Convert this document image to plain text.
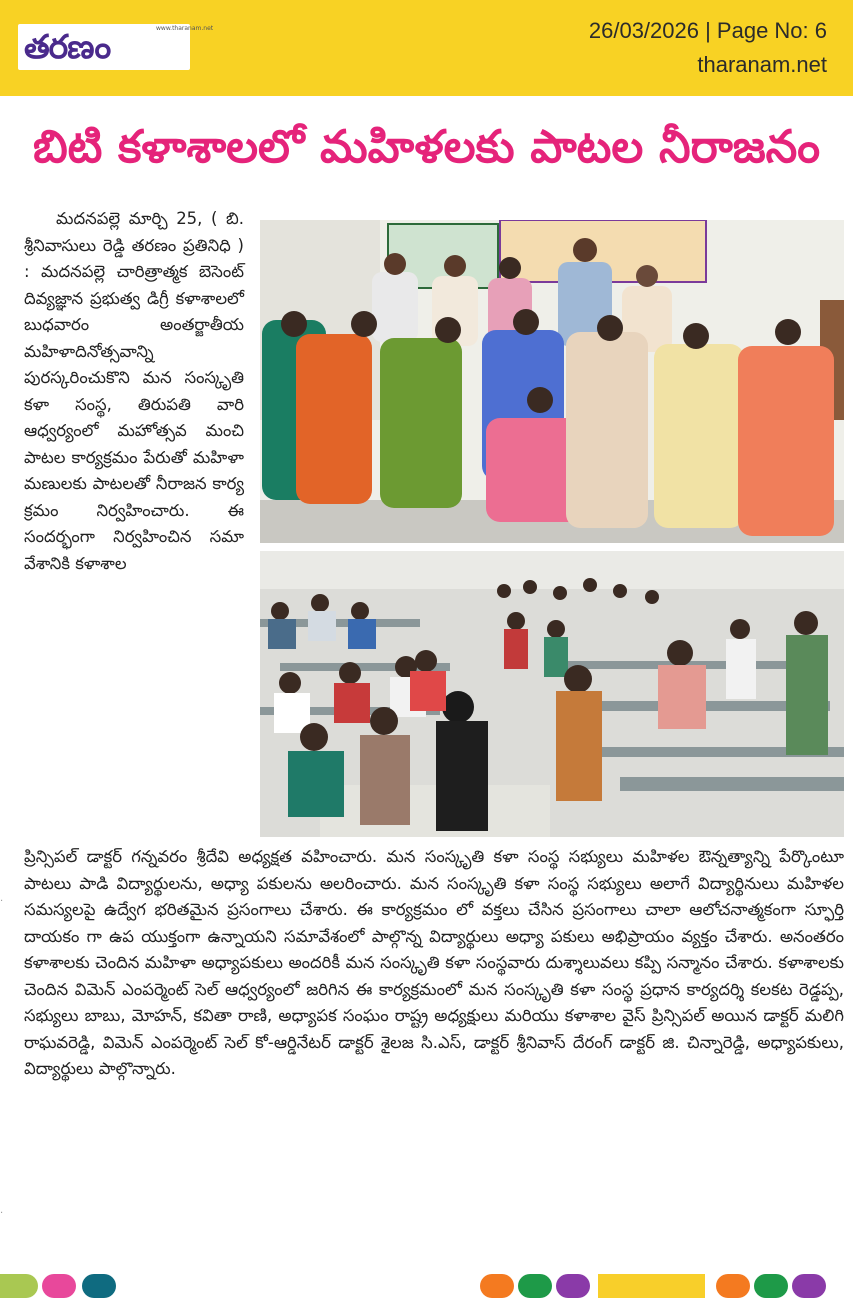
www.tharanam.net
తరణం	26/03/2026 | Page No: 6
tharanam.net
బిటి కళాశాలలో మహిళలకు పాటల నీరాజనం

మదనపల్లె మార్చి 25, ( బి. శ్రీనివాసులు రెడ్డి తరణం ప్రతినిధి ) : మదనపల్లె చారిత్రాత్మక బెసెంట్ దివ్యజ్ఞాన ప్రభుత్వ డిగ్రీ కళాశాలలో బుధవారం అంతర్జాతీయ మహిళాదినోత్సవాన్ని పురస్కరించుకొని మన సంస్కృతి కళా సంస్థ, తిరుపతి వారి ఆధ్వర్యంలో మహోత్సవ మంచి పాటల కార్యక్రమం పేరుతో మహిళా మణులకు పాటలతో నీరాజన కార్య క్రమం నిర్వహించారు. ఈ సందర్భంగా నిర్వహించిన సమా వేశానికి కళాశాల

ప్రిన్సిపల్ డాక్టర్ గన్నవరం శ్రీదేవి అధ్యక్షత వహించారు. మన సంస్కృతి కళా సంస్థ సభ్యులు మహిళల ఔన్నత్యాన్ని పేర్కొంటూ పాటలు పాడి విద్యార్థులను, అధ్యా పకులను అలరించారు. మన సంస్కృతి కళా సంస్థ సభ్యులు అలాగే విద్యార్థినులు మహిళల సమస్యలపై ఉద్వేగ భరితమైన ప్రసంగాలు చేశారు. ఈ కార్యక్రమం లో వక్తలు చేసిన ప్రసంగాలు చాలా ఆలోచనాత్మకంగా స్ఫూర్తి దాయకం గా ఉప యుక్తంగా ఉన్నాయని సమావేశంలో పాల్గొన్న విద్యార్థులు అధ్యా పకులు అభిప్రాయం వ్యక్తం చేశారు. అనంతరం కళాశాలకు చెందిన మహిళా అధ్యాపకులు అందరికీ మన సంస్కృతి కళా సంస్థవారు దుశ్శాలువలు కప్పి సన్మానం చేశారు. కళాశాలకు చెందిన విమెన్ ఎంపర్మెంట్ సెల్ ఆధ్వర్యంలో జరిగిన ఈ కార్యక్రమంలో మన సంస్కృతి కళా సంస్థ ప్రధాన కార్యదర్శి కలకట రెడ్డప్ప, సభ్యులు బాబు, మోహన్, కవితా రాణి, అధ్యాపక సంఘం రాష్ట్ర అధ్యక్షులు మరియు కళాశాల వైస్ ప్రిన్సిపల్ అయిన డాక్టర్ మలిగి రాఘవరెడ్డి, విమెన్ ఎంపర్మెంట్ సెల్ కో-ఆర్డినేటర్ డాక్టర్ శైలజ సి.ఎస్, డాక్టర్ శ్రీనివాస్ దేరంగ్ డాక్టర్ జి. చిన్నారెడ్డి, అధ్యాపకులు, విద్యార్థులు పాల్గొన్నారు.

·
·
